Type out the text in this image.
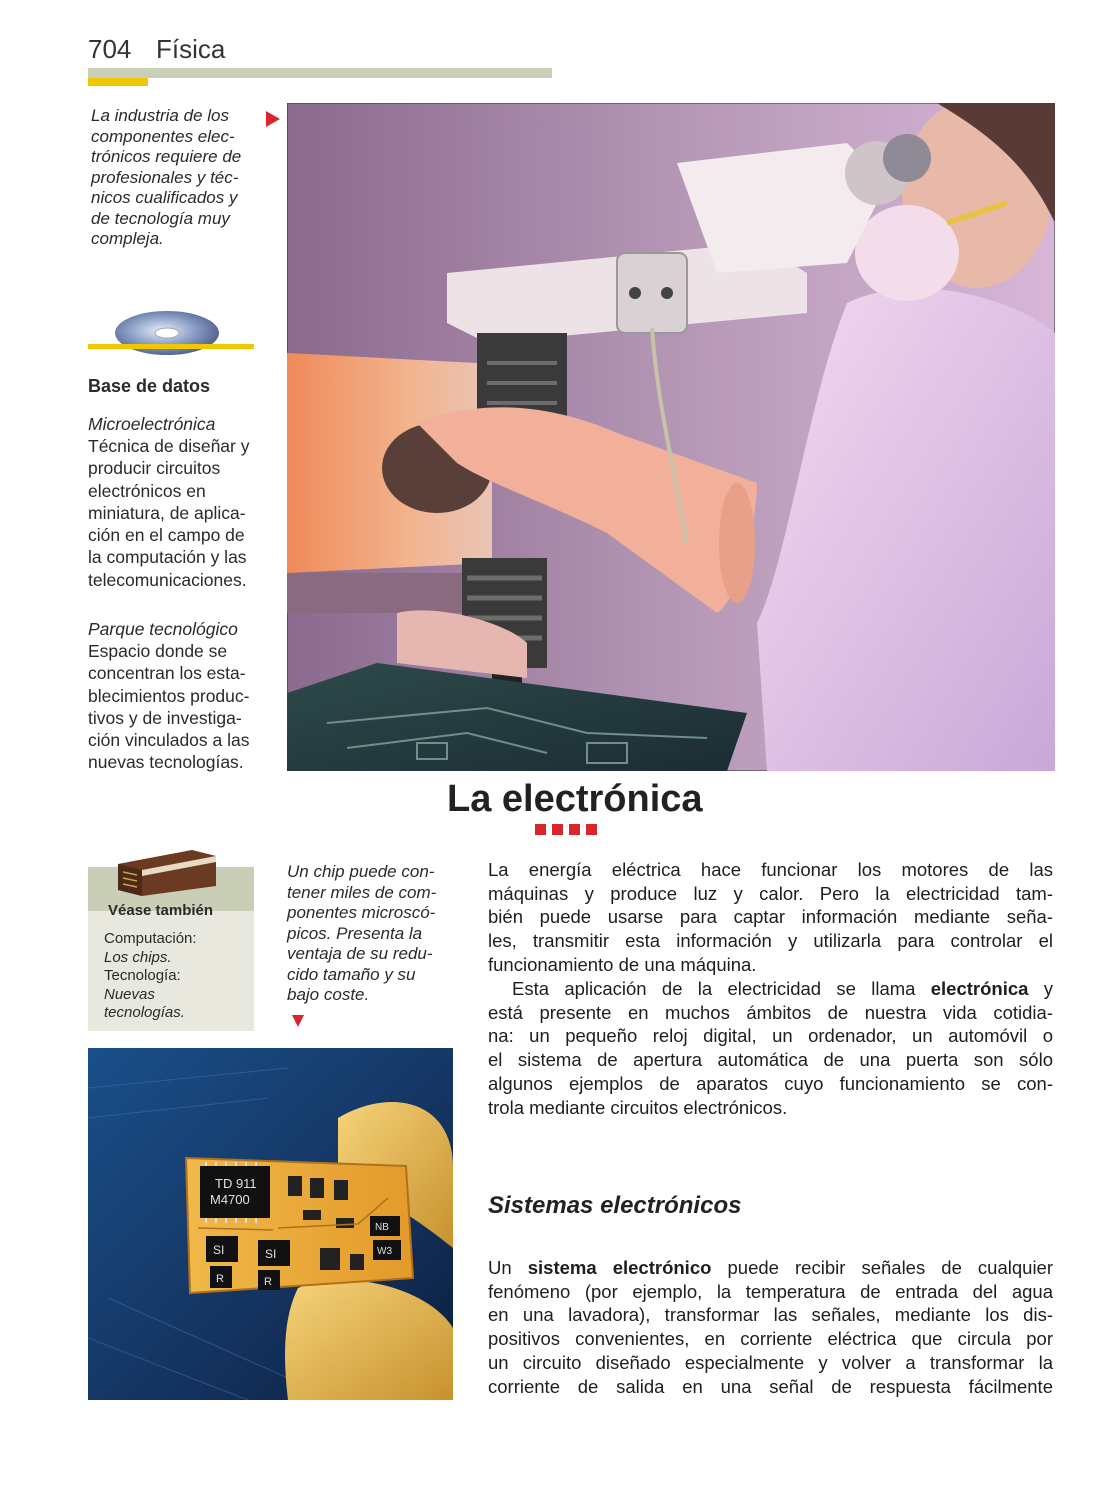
704 Física
La industria de los
componentes elec-
trónicos requiere de
profesionales y téc-
nicos cualificados y
de tecnología muy
compleja.
Base de datos
Microelectrónica
Técnica de diseñar y
producir circuitos
electrónicos en
miniatura, de aplica-
ción en el campo de
la computación y las
telecomunicaciones.
Parque tecnológico
Espacio donde se
concentran los esta-
blecimientos produc-
tivos y de investiga-
ción vinculados a las
nuevas tecnologías.
Véase también
Computación:
Los chips.
Tecnología:
Nuevas
tecnologías.
Un chip puede con-
tener miles de com-
ponentes microscó-
picos. Presenta la
ventaja de su redu-
cido tamaño y su
bajo coste.
TD 911
M4700
SI	SI
R	R
NB
W3
La electrónica
La energía eléctrica hace funcionar los motores de las
máquinas y produce luz y calor. Pero la electricidad tam-
bién puede usarse para captar información mediante seña-
les, transmitir esta información y utilizarla para controlar el
funcionamiento de una máquina.
Esta aplicación de la electricidad se llama electrónica y
está presente en muchos ámbitos de nuestra vida cotidia-
na: un pequeño reloj digital, un ordenador, un automóvil o
el sistema de apertura automática de una puerta son sólo
algunos ejemplos de aparatos cuyo funcionamiento se con-
trola mediante circuitos electrónicos.
Sistemas electrónicos
Un sistema electrónico puede recibir señales de cualquier
fenómeno (por ejemplo, la temperatura de entrada del agua
en una lavadora), transformar las señales, mediante los dis-
positivos convenientes, en corriente eléctrica que circula por
un circuito diseñado especialmente y volver a transformar la
corriente de salida en una señal de respuesta fácilmente
